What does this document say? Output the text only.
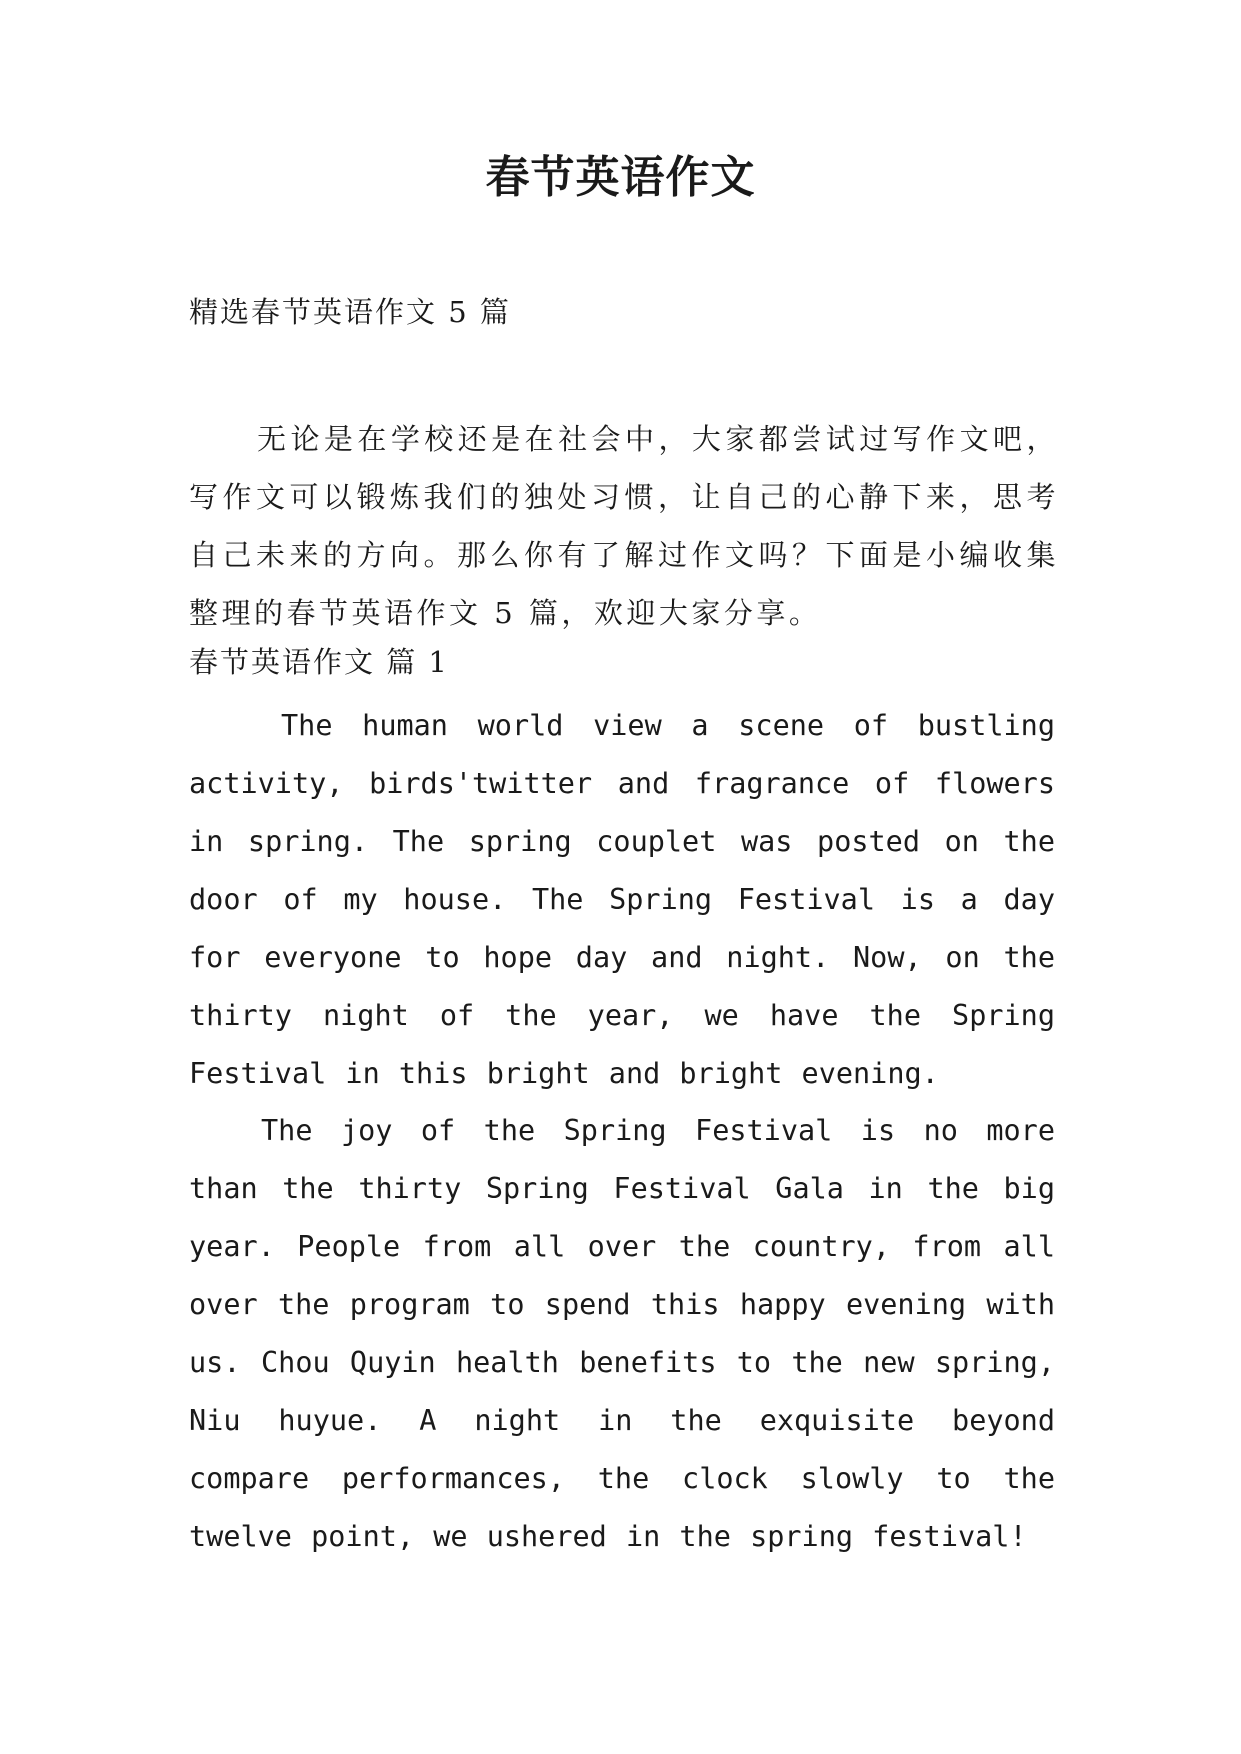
春节英语作文
精选春节英语作文 5 篇

无论是在学校还是在社会中，大家都尝试过写作文吧，写作文可以锻炼我们的独处习惯，让自己的心静下来，思考自己未来的方向。那么你有了解过作文吗？下面是小编收集整理的春节英语作文 5 篇，欢迎大家分享。

春节英语作文 篇 1

The human world view a scene of bustling activity, birds'twitter and fragrance of flowers in spring. The spring couplet was posted on the door of my house. The Spring Festival is a day for everyone to hope day and night. Now, on the thirty night of the year, we have the Spring Festival in this bright and bright evening.

The joy of the Spring Festival is no more than the thirty Spring Festival Gala in the big year. People from all over the country, from all over the program to spend this happy evening with us. Chou Quyin health benefits to the new spring, Niu huyue. A night in the exquisite beyond compare performances, the clock slowly to the twelve point, we ushered in the spring festival!
